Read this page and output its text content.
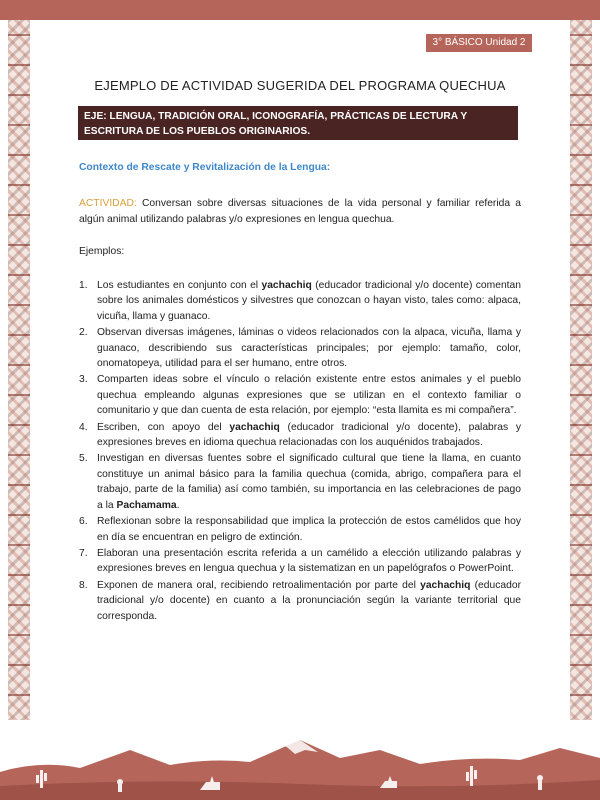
3° BÁSICO Unidad 2
EJEMPLO DE ACTIVIDAD SUGERIDA DEL PROGRAMA QUECHUA
EJE: LENGUA, TRADICIÓN ORAL, ICONOGRAFÍA, PRÁCTICAS DE LECTURA Y ESCRITURA DE LOS PUEBLOS ORIGINARIOS.
Contexto de Rescate y Revitalización de la Lengua:
ACTIVIDAD: Conversan sobre diversas situaciones de la vida personal y familiar referida a algún animal utilizando palabras y/o expresiones en lengua quechua.
Ejemplos:
1. Los estudiantes en conjunto con el yachachiq (educador tradicional y/o docente) comentan sobre los animales domésticos y silvestres que conozcan o hayan visto, tales como: alpaca, vicuña, llama y guanaco.
2. Observan diversas imágenes, láminas o videos relacionados con la alpaca, vicuña, llama y guanaco, describiendo sus características principales; por ejemplo: tamaño, color, onomatopeya, utilidad para el ser humano, entre otros.
3. Comparten ideas sobre el vínculo o relación existente entre estos animales y el pueblo quechua empleando algunas expresiones que se utilizan en el contexto familiar o comunitario y que dan cuenta de esta relación, por ejemplo: “esta llamita es mi compañera”.
4. Escriben, con apoyo del yachachiq (educador tradicional y/o docente), palabras y expresiones breves en idioma quechua relacionadas con los auquénidos trabajados.
5. Investigan en diversas fuentes sobre el significado cultural que tiene la llama, en cuanto constituye un animal básico para la familia quechua (comida, abrigo, compañera para el trabajo, parte de la familia) así como también, su importancia en las celebraciones de pago a la Pachamama.
6. Reflexionan sobre la responsabilidad que implica la protección de estos camélidos que hoy en día se encuentran en peligro de extinción.
7. Elaboran una presentación escrita referida a un camélido a elección utilizando palabras y expresiones breves en lengua quechua y la sistematizan en un papelógrafos o PowerPoint.
8. Exponen de manera oral, recibiendo retroalimentación por parte del yachachiq (educador tradicional y/o docente) en cuanto a la pronunciación según la variante territorial que corresponda.
